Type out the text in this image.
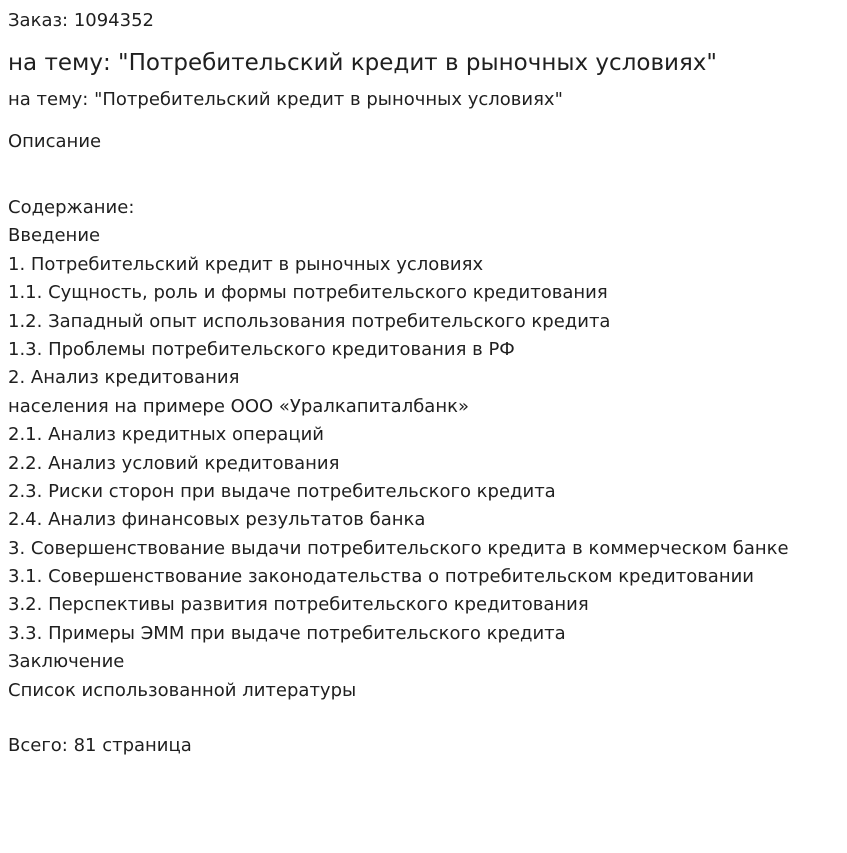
Заказ: 1094352
на тему: "Потребительский кредит в рыночных условиях"
на тему: "Потребительский кредит в рыночных условиях"
Описание
Содержание:
Введение
1. Потребительский кредит в рыночных условиях
1.1. Сущность, роль и формы потребительского кредитования
1.2. Западный опыт использования потребительского кредита
1.3. Проблемы потребительского кредитования в РФ
2. Анализ кредитования
населения на примере ООО «Уралкапиталбанк»
2.1. Анализ кредитных операций
2.2. Анализ условий кредитования
2.3. Риски сторон при выдаче потребительского кредита
2.4. Анализ финансовых результатов банка
3. Совершенствование выдачи потребительского кредита в коммерческом банке
3.1. Совершенствование законодательства о потребительском кредитовании
3.2. Перспективы развития потребительского кредитования
3.3. Примеры ЭММ при выдаче потребительского кредита
Заключение
Список использованной литературы
Всего: 81 страница
